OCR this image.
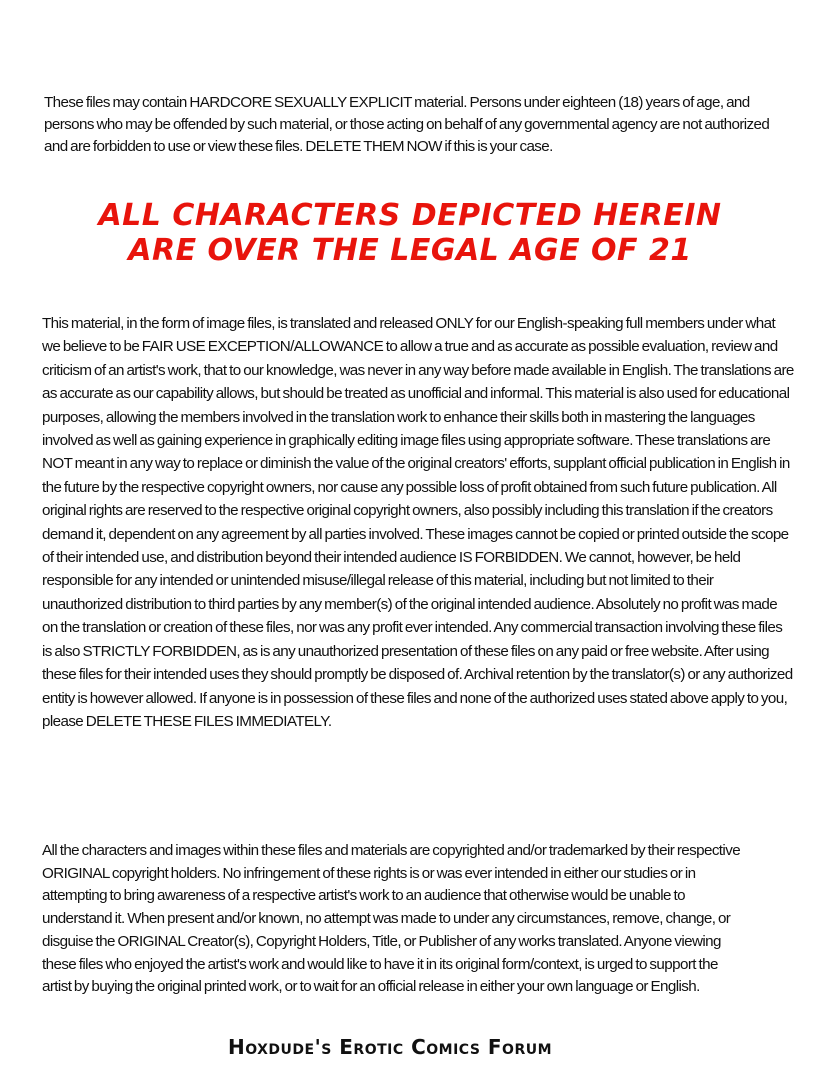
These files may contain HARDCORE SEXUALLY EXPLICIT material. Persons under eighteen (18) years of age, and persons who may be offended by such material, or those acting on behalf of any governmental agency are not authorized and are forbidden to use or view these files. DELETE THEM NOW if this is your case.

ALL CHARACTERS DEPICTED HEREIN
ARE OVER THE LEGAL AGE OF 21

This material, in the form of image files, is translated and released ONLY for our English-speaking full members under what we believe to be FAIR USE EXCEPTION/ALLOWANCE to allow a true and as accurate as possible evaluation, review and criticism of an artist's work, that to our knowledge, was never in any way before made available in English. The translations are as accurate as our capability allows, but should be treated as unofficial and informal. This material is also used for educational purposes, allowing the members involved in the translation work to enhance their skills both in mastering the languages involved as well as gaining experience in graphically editing image files using appropriate software. These translations are NOT meant in any way to replace or diminish the value of the original creators' efforts, supplant official publication in English in the future by the respective copyright owners, nor cause any possible loss of profit obtained from such future publication. All original rights are reserved to the respective original copyright owners, also possibly including this translation if the creators demand it, dependent on any agreement by all parties involved. These images cannot be copied or printed outside the scope of their intended use, and distribution beyond their intended audience IS FORBIDDEN. We cannot, however, be held responsible for any intended or unintended misuse/illegal release of this material, including but not limited to their unauthorized distribution to third parties by any member(s) of the original intended audience. Absolutely no profit was made on the translation or creation of these files, nor was any profit ever intended. Any commercial transaction involving these files is also STRICTLY FORBIDDEN, as is any unauthorized presentation of these files on any paid or free website. After using these files for their intended uses they should promptly be disposed of. Archival retention by the translator(s) or any authorized entity is however allowed. If anyone is in possession of these files and none of the authorized uses stated above apply to you, please DELETE THESE FILES IMMEDIATELY.

All the characters and images within these files and materials are copyrighted and/or trademarked by their respective ORIGINAL copyright holders. No infringement of these rights is or was ever intended in either our studies or in attempting to bring awareness of a respective artist's work to an audience that otherwise would be unable to understand it. When present and/or known, no attempt was made to under any circumstances, remove, change, or disguise the ORIGINAL Creator(s), Copyright Holders, Title, or Publisher of any works translated. Anyone viewing these files who enjoyed the artist's work and would like to have it in its original form/context, is urged to support the artist by buying the original printed work, or to wait for an official release in either your own language or English.

Hoxdude's Erotic Comics Forum
